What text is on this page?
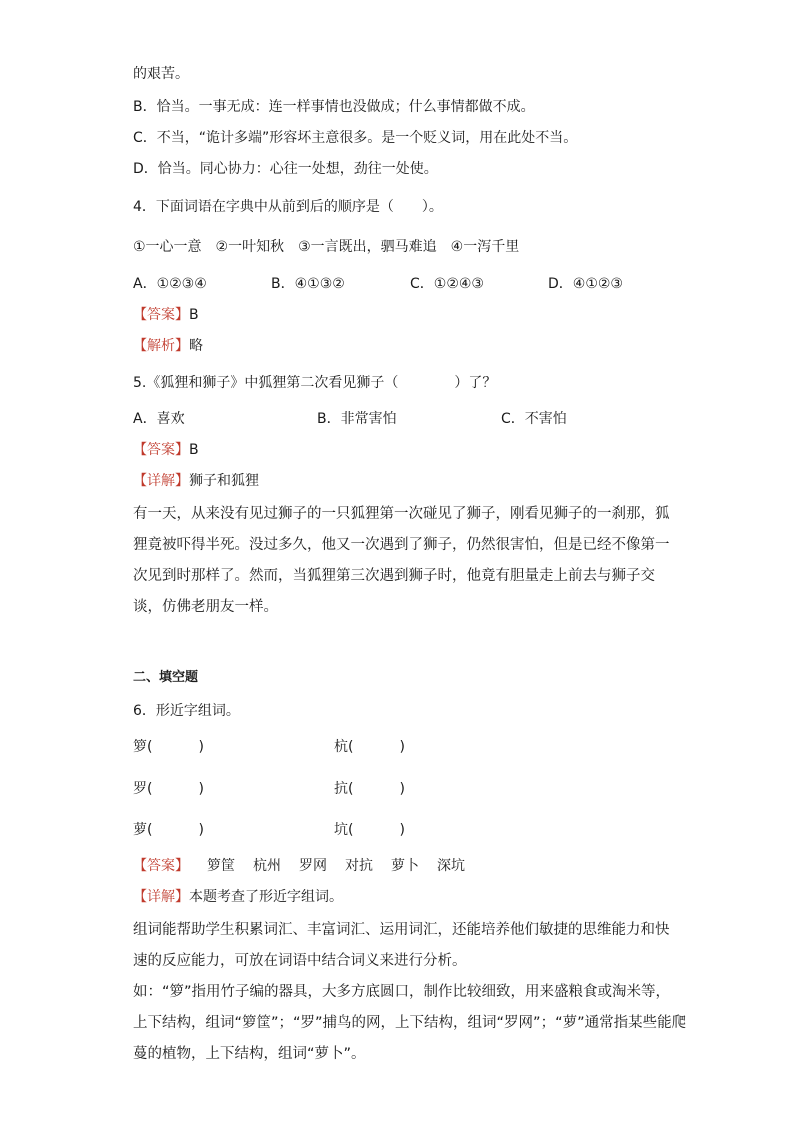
的艰苦。

B．恰当。一事无成：连一样事情也没做成；什么事情都做不成。

C．不当，“诡计多端”形容坏主意很多。是一个贬义词，用在此处不当。

D．恰当。同心协力：心往一处想，劲往一处使。

4．下面词语在字典中从前到后的顺序是（　　）。

①一心一意　②一叶知秋　③一言既出，驷马难追　④一泻千里

A．①②③④	B．④①③②	C．①②④③	D．④①②③

【答案】B

【解析】略

5.《狐狸和狮子》中狐狸第二次看见狮子（　　　　）了？

A．喜欢	B．非常害怕	C．不害怕

【答案】B

【详解】狮子和狐狸

有一天，从来没有见过狮子的一只狐狸第一次碰见了狮子，刚看见狮子的一刹那，狐

狸竟被吓得半死。没过多久，他又一次遇到了狮子，仍然很害怕，但是已经不像第一

次见到时那样了。然而，当狐狸第三次遇到狮子时，他竟有胆量走上前去与狮子交

谈，仿佛老朋友一样。

二、填空题

6．形近字组词。

箩(	)	杭(	)
罗(	)	抗(	)
萝(	)	坑(	)

【答案】 箩筐 杭州 罗网 对抗 萝卜 深坑

【详解】本题考查了形近字组词。

组词能帮助学生积累词汇、丰富词汇、运用词汇，还能培养他们敏捷的思维能力和快

速的反应能力，可放在词语中结合词义来进行分析。

如：“箩”指用竹子编的器具，大多方底圆口，制作比较细致，用来盛粮食或淘米等，

上下结构，组词“箩筐”；“罗”捕鸟的网，上下结构，组词“罗网”；“萝”通常指某些能爬

蔓的植物，上下结构，组词“萝卜”。
